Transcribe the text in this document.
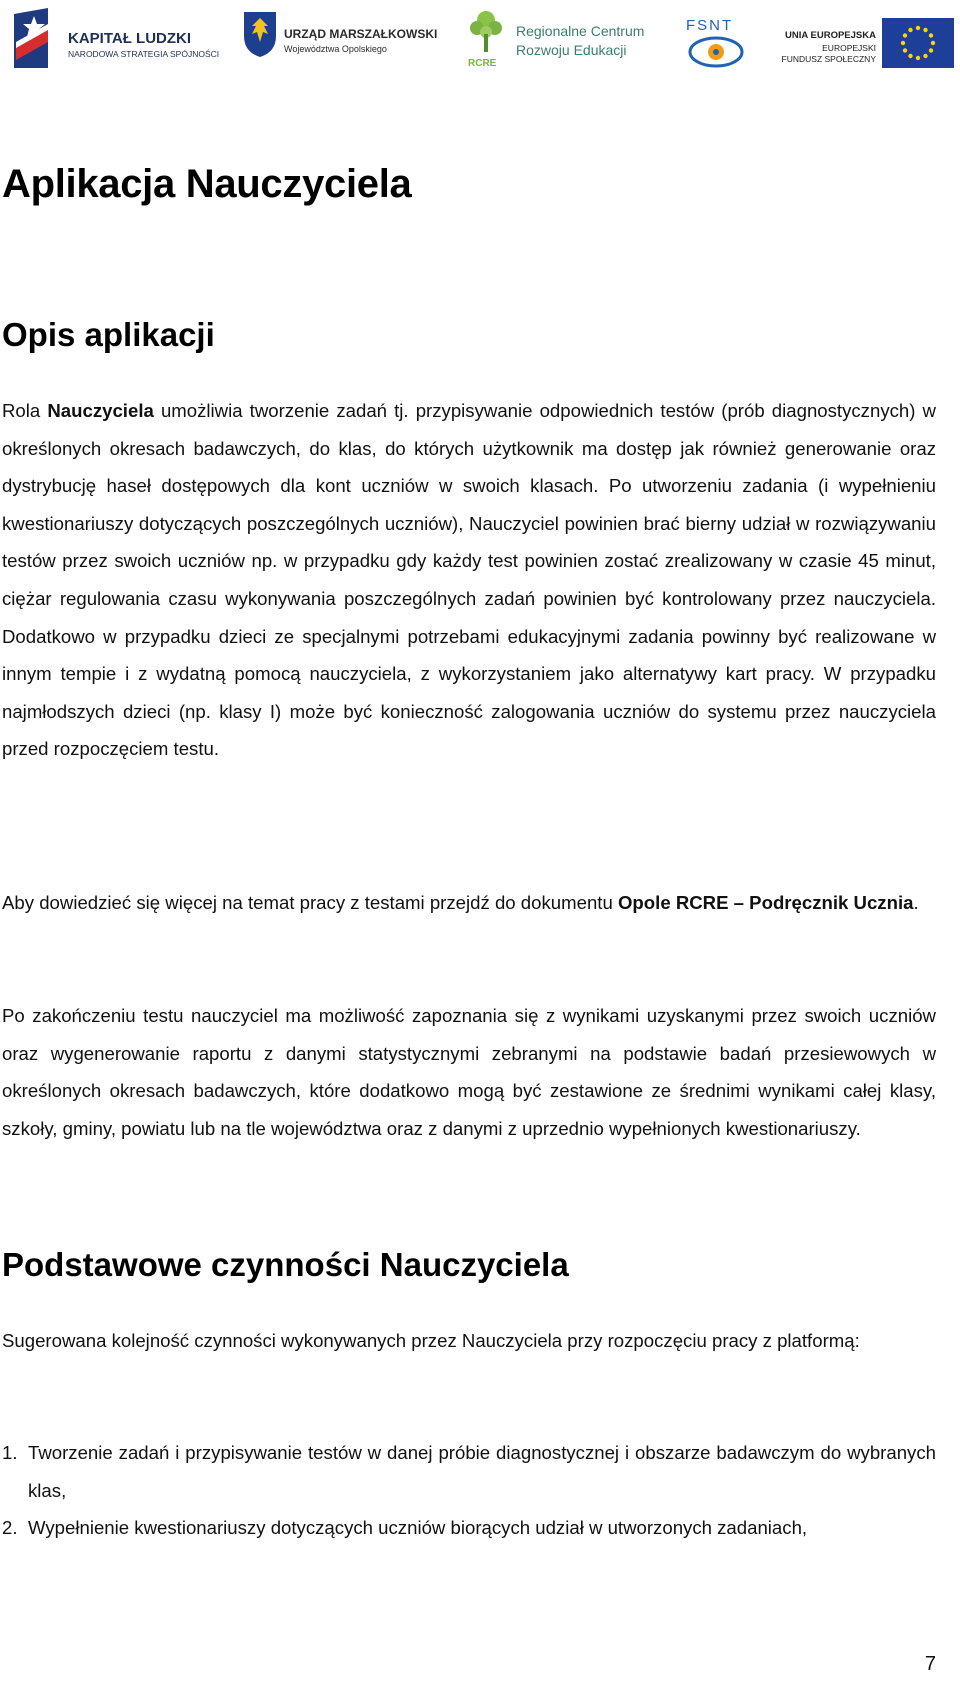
KAPITAŁ LUDZKI
NARODOWA STRATEGIA SPÓJNOŚCI
URZĄD MARSZAŁKOWSKI
Województwa Opolskiego
Regionalne Centrum
Rozwoju Edukacji
RCRE
FSNT
UNIA EUROPEJSKA
EUROPEJSKI
FUNDUSZ SPOŁECZNY
Aplikacja Nauczyciela
Opis aplikacji

Rola Nauczyciela umożliwia tworzenie zadań tj. przypisywanie odpowiednich testów (prób diagnostycznych) w określonych okresach badawczych, do klas, do których użytkownik ma dostęp jak również generowanie oraz dystrybucję haseł dostępowych dla kont uczniów w swoich klasach. Po utworzeniu zadania (i wypełnieniu kwestionariuszy dotyczących poszczególnych uczniów), Nauczyciel powinien brać bierny udział w rozwiązywaniu testów przez swoich uczniów np. w przypadku gdy każdy test powinien zostać zrealizowany w czasie 45 minut, ciężar regulowania czasu wykonywania poszczególnych zadań powinien być kontrolowany przez nauczyciela. Dodatkowo w przypadku dzieci ze specjalnymi potrzebami edukacyjnymi zadania powinny być realizowane w innym tempie i z wydatną pomocą nauczyciela, z wykorzystaniem jako alternatywy kart pracy. W przypadku najmłodszych dzieci (np. klasy I) może być konieczność zalogowania uczniów do systemu przez nauczyciela przed rozpoczęciem testu.

Aby dowiedzieć się więcej na temat pracy z testami przejdź do dokumentu Opole RCRE – Podręcznik Ucznia.

Po zakończeniu testu nauczyciel ma możliwość zapoznania się z wynikami uzyskanymi przez swoich uczniów oraz wygenerowanie raportu z danymi statystycznymi zebranymi na podstawie badań przesiewowych w określonych okresach badawczych, które dodatkowo mogą być zestawione ze średnimi wynikami całej klasy, szkoły, gminy, powiatu lub na tle województwa oraz z danymi z uprzednio wypełnionych kwestionariuszy.

Podstawowe czynności Nauczyciela

Sugerowana kolejność czynności wykonywanych przez Nauczyciela przy rozpoczęciu pracy z platformą:

1. Tworzenie zadań i przypisywanie testów w danej próbie diagnostycznej i obszarze badawczym do wybranych klas,
2. Wypełnienie kwestionariuszy dotyczących uczniów biorących udział w utworzonych zadaniach,
7
